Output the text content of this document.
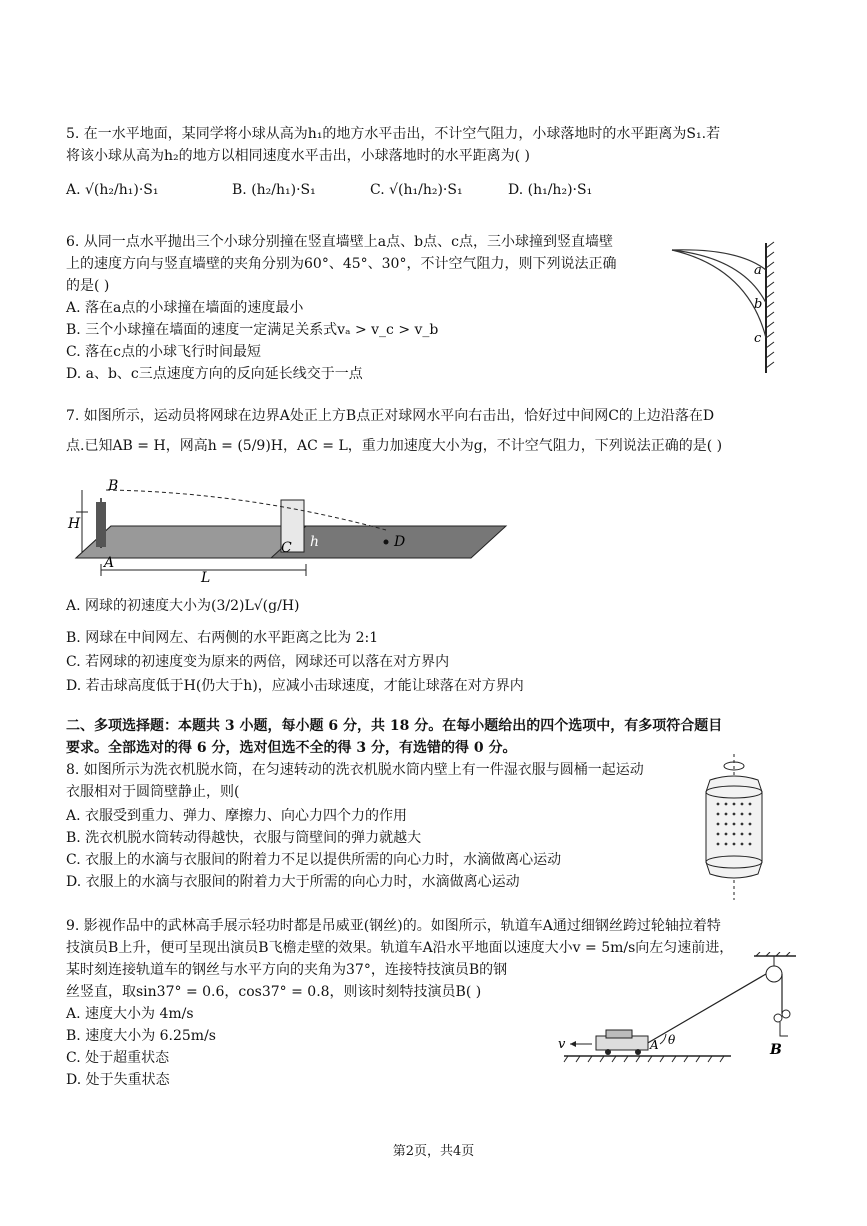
5. 在一水平地面，某同学将小球从高为h₁的地方水平击出，不计空气阻力，小球落地时的水平距离为S₁.若
将该小球从高为h₂的地方以相同速度水平击出，小球落地时的水平距离为( )
A. √(h₂/h₁)·S₁	B. (h₂/h₁)·S₁	C. √(h₁/h₂)·S₁	D. (h₁/h₂)·S₁
6. 从同一点水平抛出三个小球分别撞在竖直墙壁上a点、b点、c点，三小球撞到竖直墙壁
上的速度方向与竖直墙壁的夹角分别为60°、45°、30°，不计空气阻力，则下列说法正确
的是( )
A. 落在a点的小球撞在墙面的速度最小
B. 三个小球撞在墙面的速度一定满足关系式vₐ > v_c > v_b
C. 落在c点的小球飞行时间最短
D. a、b、c三点速度方向的反向延长线交于一点
a
b
c
7. 如图所示，运动员将网球在边界A处正上方B点正对球网水平向右击出，恰好过中间网C的上边沿落在D
点.已知AB = H，网高h = (5/9)H，AC = L，重力加速度大小为g，不计空气阻力，下列说法正确的是( )
B
H
A
C h	D
L
A. 网球的初速度大小为(3/2)L√(g/H)
B. 网球在中间网左、右两侧的水平距离之比为 2:1
C. 若网球的初速度变为原来的两倍，网球还可以落在对方界内
D. 若击球高度低于H(仍大于h)，应减小击球速度，才能让球落在对方界内
二、多项选择题：本题共 3 小题，每小题 6 分，共 18 分。在每小题给出的四个选项中，有多项符合题目
要求。全部选对的得 6 分，选对但选不全的得 3 分，有选错的得 0 分。
8. 如图所示为洗衣机脱水筒，在匀速转动的洗衣机脱水筒内壁上有一件湿衣服与圆桶一起运动
衣服相对于圆筒壁静止，则(
A. 衣服受到重力、弹力、摩擦力、向心力四个力的作用
B. 洗衣机脱水筒转动得越快，衣服与筒壁间的弹力就越大
C. 衣服上的水滴与衣服间的附着力不足以提供所需的向心力时，水滴做离心运动
D. 衣服上的水滴与衣服间的附着力大于所需的向心力时，水滴做离心运动
9. 影视作品中的武林高手展示轻功时都是吊威亚(钢丝)的。如图所示，轨道车A通过细钢丝跨过轮轴拉着特
技演员B上升，便可呈现出演员B飞檐走壁的效果。轨道车A沿水平地面以速度大小v = 5m/s向左匀速前进，
某时刻连接轨道车的钢丝与水平方向的夹角为37°，连接特技演员B的钢
丝竖直，取sin37° = 0.6，cos37° = 0.8，则该时刻特技演员B( )
A. 速度大小为 4m/s
B. 速度大小为 6.25m/s
C. 处于超重状态
D. 处于失重状态
v	A θ
B
第2页，共4页
